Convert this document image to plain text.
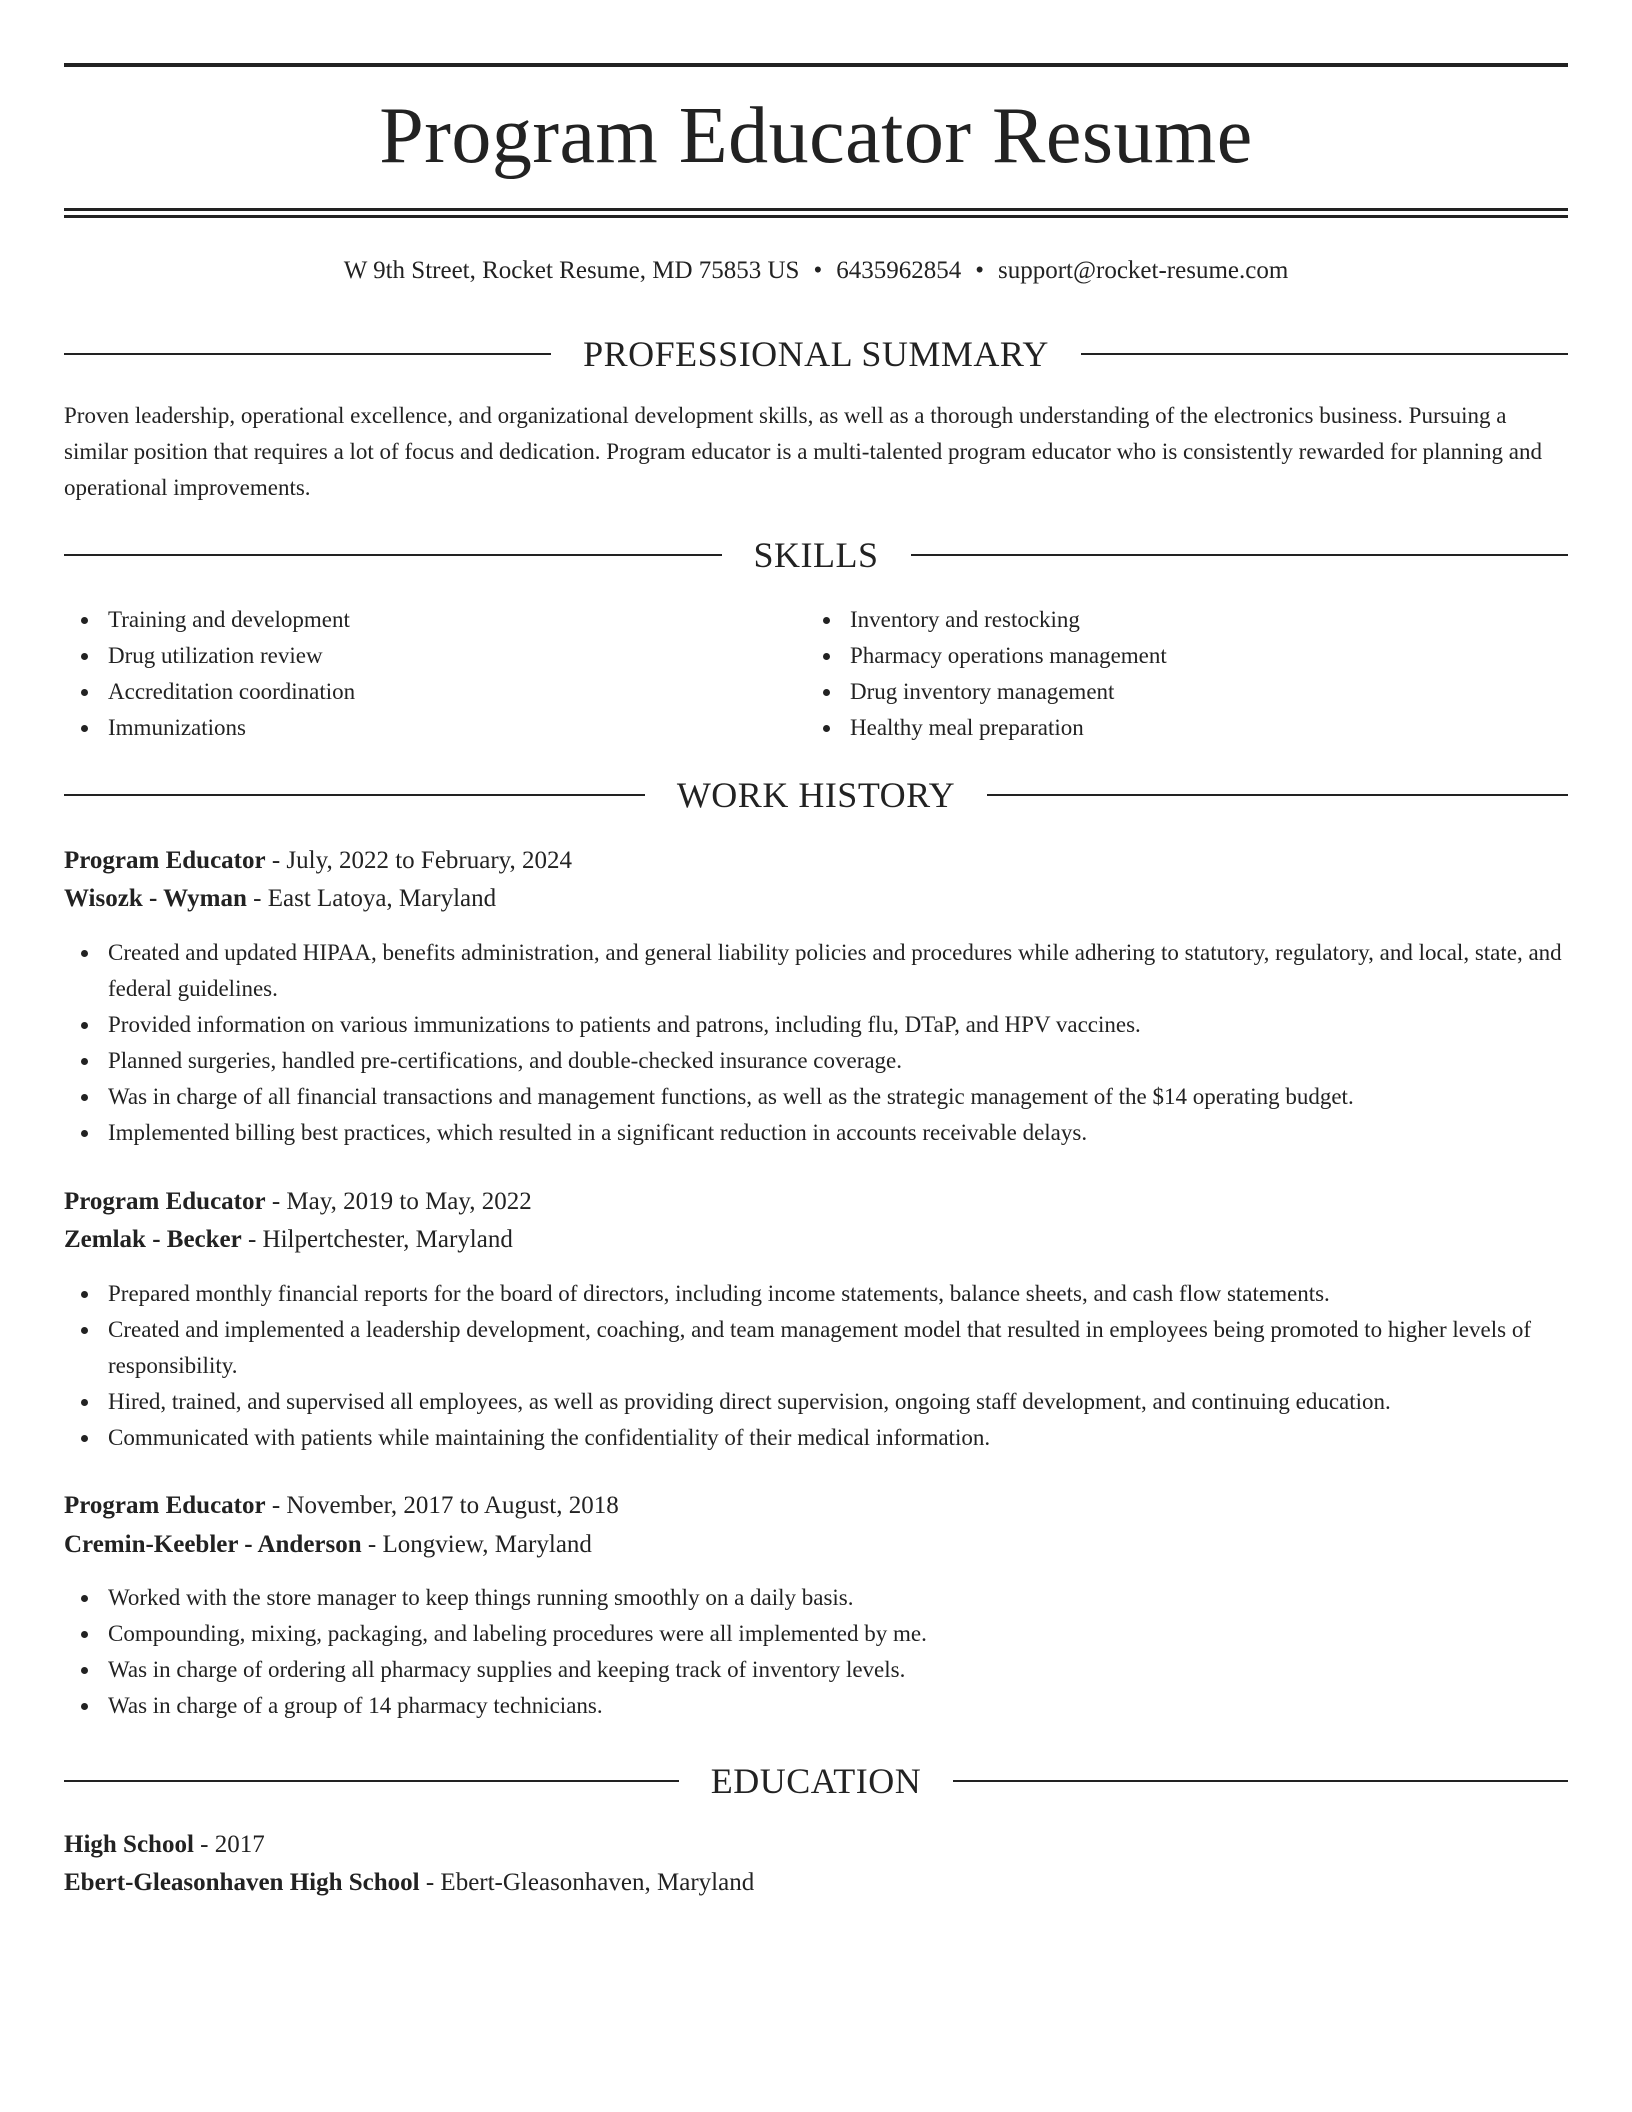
Program Educator Resume
W 9th Street, Rocket Resume, MD 75853 US • 6435962854 • support@rocket-resume.com
PROFESSIONAL SUMMARY
Proven leadership, operational excellence, and organizational development skills, as well as a thorough understanding of the electronics business. Pursuing a similar position that requires a lot of focus and dedication. Program educator is a multi-talented program educator who is consistently rewarded for planning and operational improvements.
SKILLS
Training and development
Drug utilization review
Accreditation coordination
Immunizations
Inventory and restocking
Pharmacy operations management
Drug inventory management
Healthy meal preparation
WORK HISTORY
Program Educator - July, 2022 to February, 2024
Wisozk - Wyman - East Latoya, Maryland
Created and updated HIPAA, benefits administration, and general liability policies and procedures while adhering to statutory, regulatory, and local, state, and federal guidelines.
Provided information on various immunizations to patients and patrons, including flu, DTaP, and HPV vaccines.
Planned surgeries, handled pre-certifications, and double-checked insurance coverage.
Was in charge of all financial transactions and management functions, as well as the strategic management of the $14 operating budget.
Implemented billing best practices, which resulted in a significant reduction in accounts receivable delays.
Program Educator - May, 2019 to May, 2022
Zemlak - Becker - Hilpertchester, Maryland
Prepared monthly financial reports for the board of directors, including income statements, balance sheets, and cash flow statements.
Created and implemented a leadership development, coaching, and team management model that resulted in employees being promoted to higher levels of responsibility.
Hired, trained, and supervised all employees, as well as providing direct supervision, ongoing staff development, and continuing education.
Communicated with patients while maintaining the confidentiality of their medical information.
Program Educator - November, 2017 to August, 2018
Cremin-Keebler - Anderson - Longview, Maryland
Worked with the store manager to keep things running smoothly on a daily basis.
Compounding, mixing, packaging, and labeling procedures were all implemented by me.
Was in charge of ordering all pharmacy supplies and keeping track of inventory levels.
Was in charge of a group of 14 pharmacy technicians.
EDUCATION
High School - 2017
Ebert-Gleasonhaven High School - Ebert-Gleasonhaven, Maryland
